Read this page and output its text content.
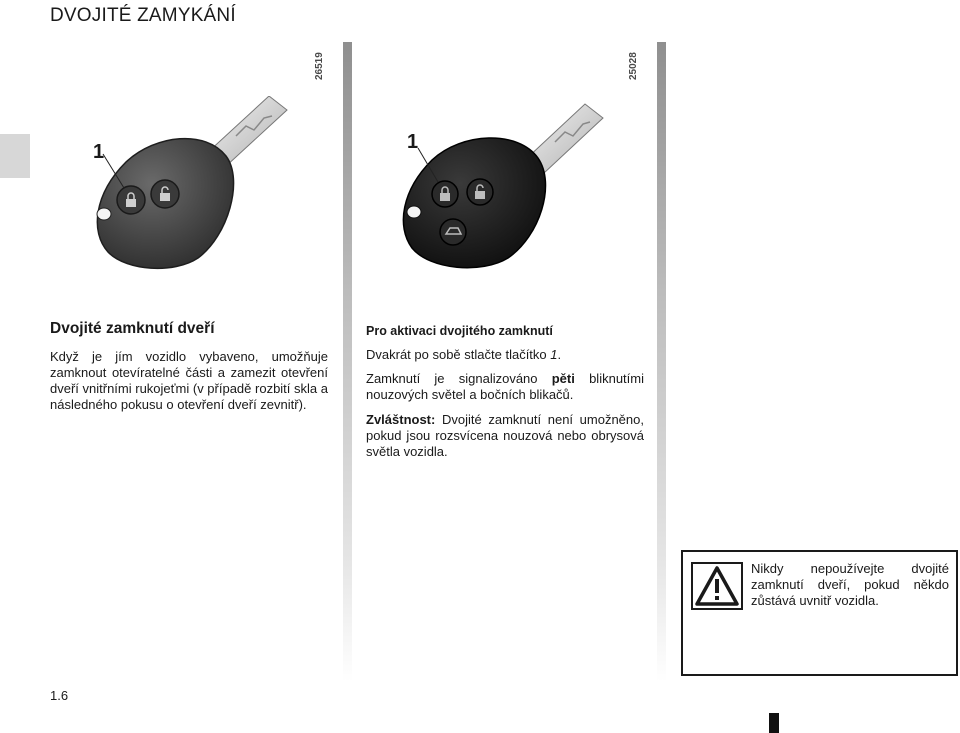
DVOJITÉ ZAMYKÁNÍ
26519
1
25028
1
Dvojité zamknutí dveří

Když je jím vozidlo vybaveno, umožňuje zamknout otevíratelné části a zamezit otevření dveří vnitřními rukojeťmi (v případě rozbití skla a následného pokusu o otevření dveří zevnitř).

Pro aktivaci dvojitého zamknutí

Dvakrát po sobě stlačte tlačítko 1.

Zamknutí je signalizováno pěti bliknutími nouzových světel a bočních blikačů.

Zvláštnost: Dvojité zamknutí není umožněno, pokud jsou rozsvícena nouzová nebo obrysová světla vozidla.

Nikdy nepoužívejte dvojité zamknutí dveří, pokud někdo zůstává uvnitř vozidla.
1.6
